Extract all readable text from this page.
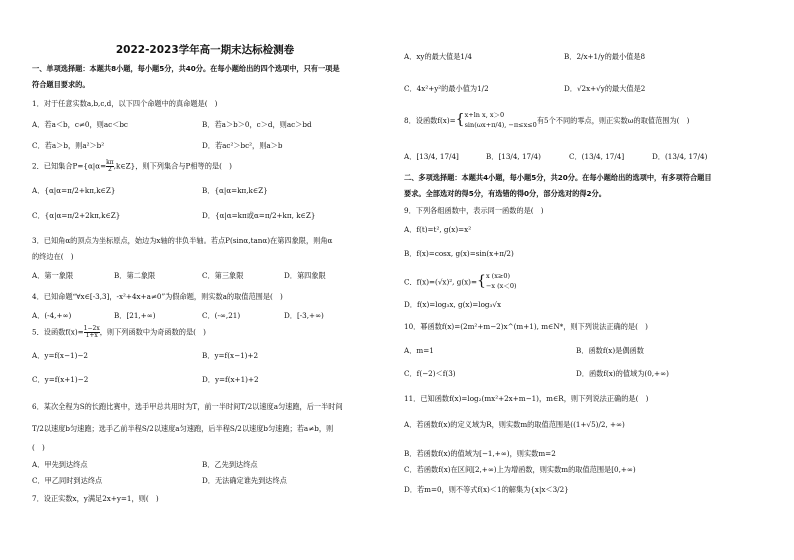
2022-2023学年高一期末达标检测卷
一、单项选择题：本题共8小题，每小题5分，共40分。在每小题给出的四个选项中，只有一项是
符合题目要求的。
1．对于任意实数a,b,c,d，以下四个命题中的真命题是(　)
A．若a＜b，c≠0，则ac＜bc	B．若a＞b＞0，c＞d，则ac＞bd
C．若a＞b，则a²＞b²	D．若ac²＞bc²，则a＞b
2．已知集合$P=\{\alpha|\alpha= \frac{k\pi}{2}$ ,k∈Z}，则下列集合与P相等的是(　)
A．{α|α=π/2+kπ,k∈Z}	B．{α|α=kπ,k∈Z}
C．{α|α=π/2+2kπ,k∈Z}	D．{α|α=kπ或α=π/2+kπ, k∈Z}
3．已知角α的顶点为坐标原点，始边为x轴的非负半轴。若点P(sinα,tanα)在第四象限，则角α
的终边在(　)
A．第一象限	B．第二象限	C．第三象限	D．第四象限
4．已知命题“∀x∈[-3,3]，-x²+4x+a≠0”为假命题，则实数a的取值范围是(　)
A．(-4,+∞)	B．[21,+∞)	C．(-∞,21)	D．[-3,+∞)
5．设函数$f(x)= \frac{1-2x}{1+x}$ ，则下列函数中为奇函数的是(　)
A．y=f(x−1)−2	B．y=f(x−1)+2
C．y=f(x+1)−2	D．y=f(x+1)+2
6．某次全程为S的长跑比赛中，选手甲总共用时为T，前一半时间T/2以速度a匀速跑，后一半时间
T/2以速度b匀速跑；选手乙前半程S/2以速度a匀速跑，后半程S/2以速度b匀速跑；若a≠b，则
(　)
A．甲先到达终点	B．乙先到达终点
C．甲乙同时到达终点	D．无法确定谁先到达终点
7．设正实数x，y满足2x+y=1，则(　)
A．xy的最大值是1/4	B．2/x+1/y的最小值是8
C．4x²+y²的最小值为1/2	D．√2x+√y的最大值是2
8．设函数f(x)={ x+ln x, x＞0
sin(ωx+π/4), −π≤x≤0
有5个不同的零点，则正实数ω的取值范围为(　)
A．[13/4, 17/4]	B．[13/4, 17/4)	C．(13/4, 17/4]	D．(13/4, 17/4)
二、多项选择题：本题共4小题，每小题5分，共20分。在每小题给出的选项中，有多项符合题目
要求。全部选对的得5分，有选错的得0分，部分选对的得2分。
9．下列各组函数中，表示同一函数的是(　)
A．f(t)=t², g(x)=x²
B．f(x)=cosx, g(x)=sin(x+π/2)
C．f(x)=(√x)², g(x)={ x (x≥0)
−x (x＜0)
D．f(x)=log₃x, g(x)=log₃√x
10．幂函数f(x)=(2m²+m−2)x^(m+1), m∈N*，则下列说法正确的是(　)
A．m=1	B．函数f(x)是偶函数
C．f(−2)＜f(3)	D．函数f(x)的值域为(0,+∞)
11．已知函数f(x)=log₂(mx²+2x+m−1)，m∈R，则下列说法正确的是(　)
A．若函数f(x)的定义域为R，则实数m的取值范围是((1+√5)/2, +∞)
B．若函数f(x)的值域为[−1,+∞)，则实数m=2
C．若函数f(x)在区间[2,+∞)上为增函数，则实数m的取值范围是[0,+∞)
D．若m=0，则不等式f(x)＜1的解集为{x|x＜3/2}
